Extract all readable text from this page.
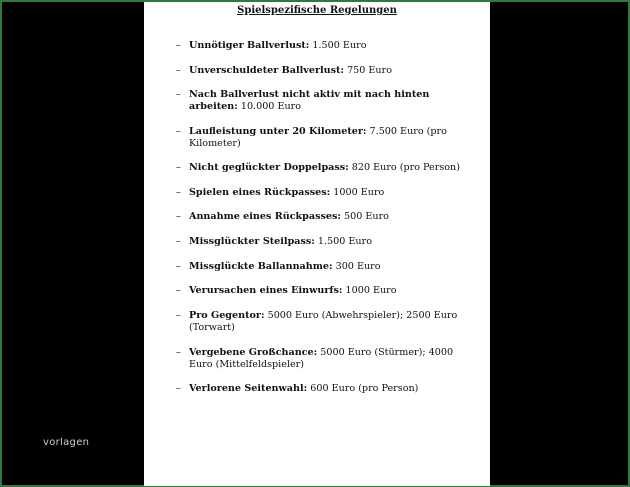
Spielspezifische Regelungen
– Unnötiger Ballverlust: 1.500 Euro
– Unverschuldeter Ballverlust: 750 Euro
– Nach Ballverlust nicht aktiv mit nach hinten arbeiten: 10.000 Euro
– Laufleistung unter 20 Kilometer: 7.500 Euro (pro Kilometer)
– Nicht geglückter Doppelpass: 820 Euro (pro Person)
– Spielen eines Rückpasses: 1000 Euro
– Annahme eines Rückpasses: 500 Euro
– Missglückter Steilpass: 1.500 Euro
– Missglückte Ballannahme: 300 Euro
– Verursachen eines Einwurfs: 1000 Euro
– Pro Gegentor: 5000 Euro (Abwehrspieler); 2500 Euro (Torwart)
– Vergebene Großchance: 5000 Euro (Stürmer); 4000 Euro (Mittelfeldspieler)
– Verlorene Seitenwahl: 600 Euro (pro Person)
vorlagen
